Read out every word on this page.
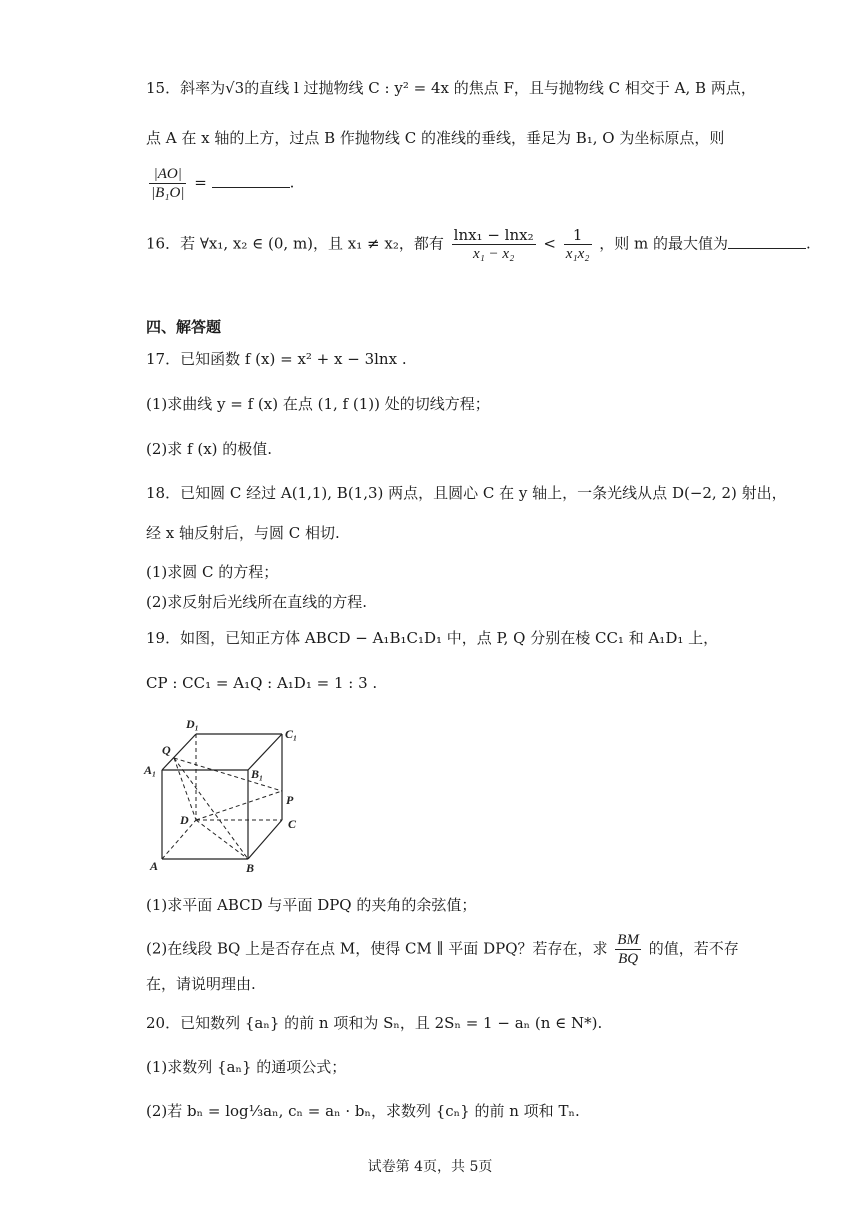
15．斜率为√3的直线 l 过抛物线 C : y² = 4x 的焦点 F，且与抛物线 C 相交于 A, B 两点，
点 A 在 x 轴的上方，过点 B 作抛物线 C 的准线的垂线，垂足为 B₁, O 为坐标原点，则
$\frac{|AO|}{\text{|B₁O|}}$ =	.
16．若 ∀x₁, x₂ ∈ (0, m)，且 x₁ ≠ x₂，都有 $\frac{\text{lnx₁ − lnx₂}}{\text{x₁ − x₂}} < \frac{1}{\text{x₁x₂}}$ ，则 m 的最大值为	.
四、解答题
17．已知函数 f (x) = x² + x − 3lnx .
(1)求曲线 y = f (x) 在点 (1, f (1)) 处的切线方程；
(2)求 f (x) 的极值.
18．已知圆 C 经过 A(1,1), B(1,3) 两点，且圆心 C 在 y 轴上，一条光线从点 D(−2, 2) 射出，
经 x 轴反射后，与圆 C 相切.
(1)求圆 C 的方程；
(2)求反射后光线所在直线的方程.
19．如图，已知正方体 ABCD − A₁B₁C₁D₁ 中，点 P, Q 分别在棱 CC₁ 和 A₁D₁ 上，
CP : CC₁ = A₁Q : A₁D₁ = 1 : 3 .
D₁
C₁
Q
A₁	B₁
P
D	C
A	B
(1)求平面 ABCD 与平面 DPQ 的夹角的余弦值；
(2)在线段 BQ 上是否存在点 M，使得 CM ∥ 平面 DPQ？若存在，求 $\frac{BM}{BQ}$ 的值，若不存
在，请说明理由.
20．已知数列 {aₙ} 的前 n 项和为 Sₙ，且 2Sₙ = 1 − aₙ (n ∈ N*).
(1)求数列 {aₙ} 的通项公式；
(2)若 bₙ = log⅓aₙ, cₙ = aₙ · bₙ，求数列 {cₙ} 的前 n 项和 Tₙ.
试卷第 4页，共 5页
